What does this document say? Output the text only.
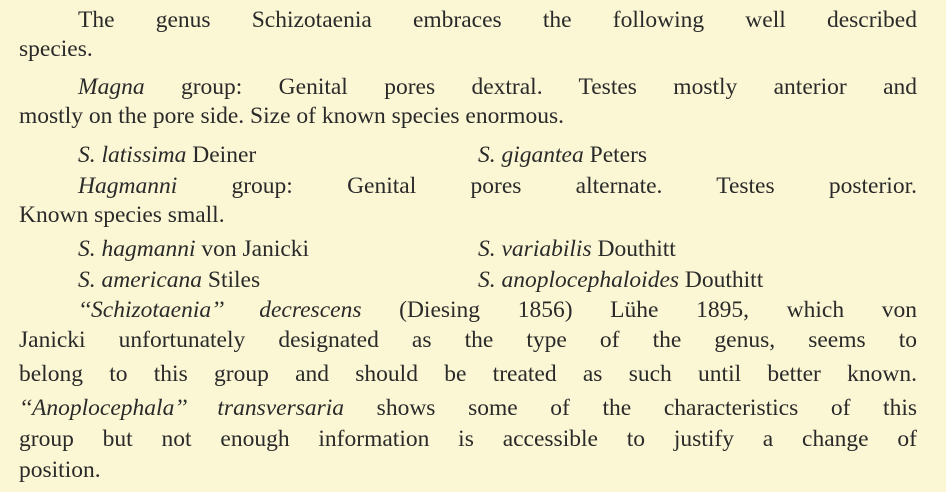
The genus Schizotaenia embraces the following well described
species.
Magna group: Genital pores dextral. Testes mostly anterior and
mostly on the pore side. Size of known species enormous.
S. latissima Deiner	S. gigantea Peters
Hagmanni group: Genital pores alternate. Testes posterior.
Known species small.
S. hagmanni von Janicki	S. variabilis Douthitt
S. americana Stiles	S. anoplocephaloides Douthitt
‘‘Schizotaenia’’ decrescens (Diesing 1856) Lühe 1895, which von
Janicki unfortunately designated as the type of the genus, seems to
belong to this group and should be treated as such until better known.
‘‘Anoplocephala’’ transversaria shows some of the characteristics of this
group but not enough information is accessible to justify a change of
position.
